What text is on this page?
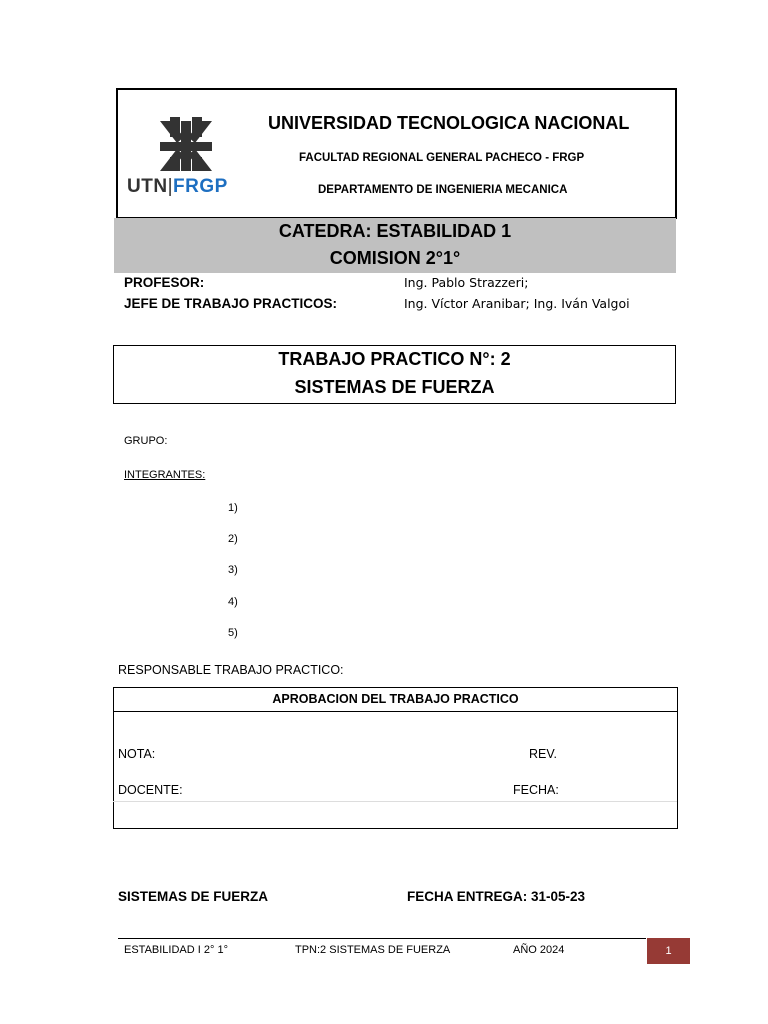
UTN|FRGP
UNIVERSIDAD TECNOLOGICA NACIONAL
FACULTAD REGIONAL GENERAL PACHECO - FRGP
DEPARTAMENTO DE INGENIERIA MECANICA
CATEDRA: ESTABILIDAD 1
COMISION 2°1°
PROFESOR:	Ing. Pablo Strazzeri;
JEFE DE TRABAJO PRACTICOS:	Ing. Víctor Aranibar; Ing. Iván Valgoi
TRABAJO PRACTICO N°: 2
SISTEMAS DE FUERZA
GRUPO:
INTEGRANTES:
1)
2)
3)
4)
5)
RESPONSABLE TRABAJO PRACTICO:
APROBACION DEL TRABAJO PRACTICO
NOTA:	REV.
DOCENTE:	FECHA:
SISTEMAS DE FUERZA	FECHA ENTREGA: 31-05-23
ESTABILIDAD I 2° 1°	TPN:2 SISTEMAS DE FUERZA	AÑO 2024	1
